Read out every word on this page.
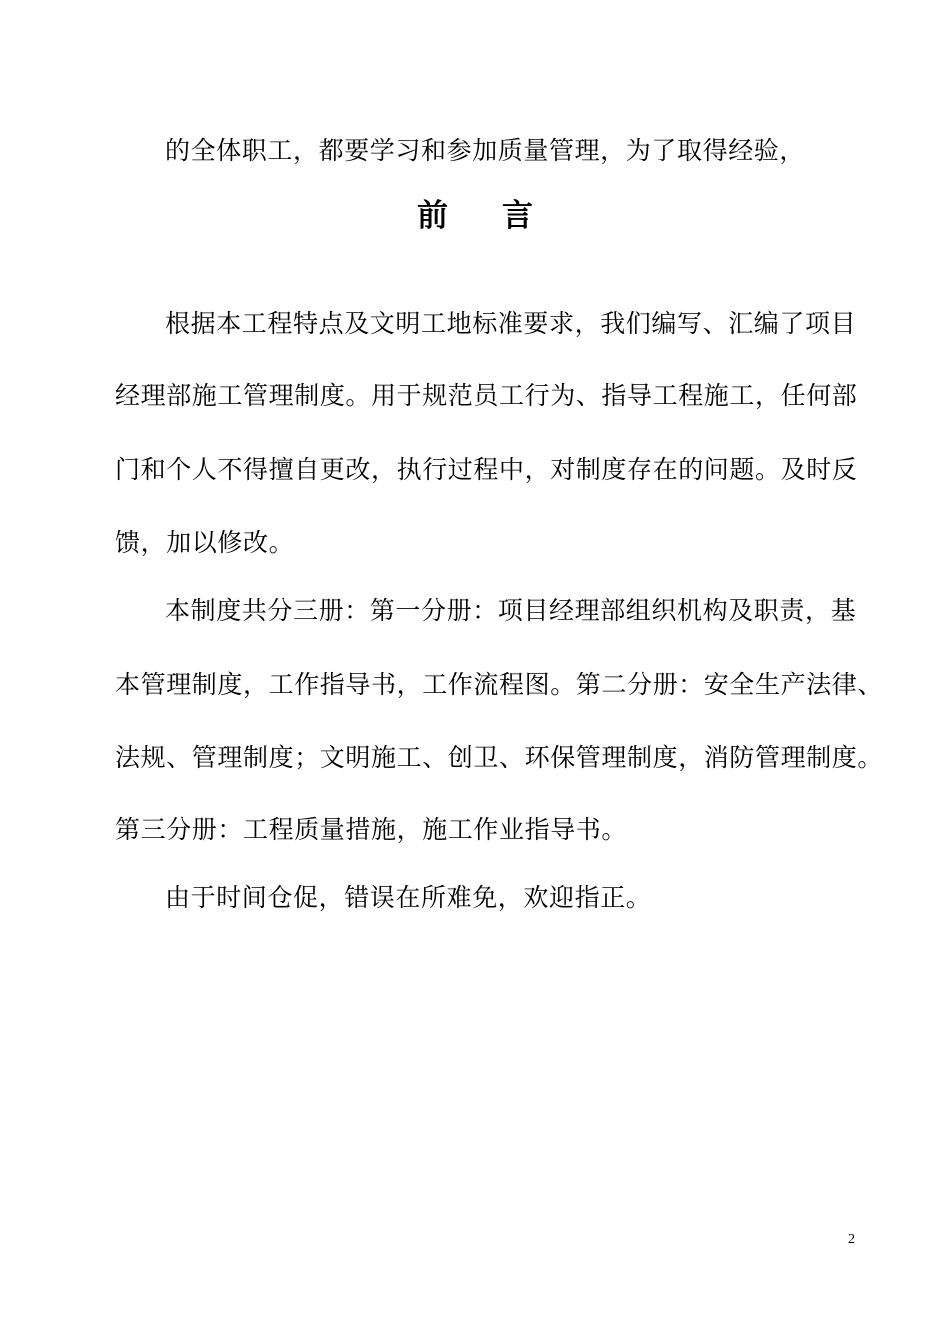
的全体职工，都要学习和参加质量管理，为了取得经验，
前言
根据本工程特点及文明工地标准要求，我们编写、汇编了项目
经理部施工管理制度。用于规范员工行为、指导工程施工，任何部
门和个人不得擅自更改，执行过程中，对制度存在的问题。及时反
馈，加以修改。
本制度共分三册：第一分册：项目经理部组织机构及职责，基
本管理制度，工作指导书，工作流程图。第二分册：安全生产法律、
法规、管理制度；文明施工、创卫、环保管理制度，消防管理制度。
第三分册：工程质量措施，施工作业指导书。
由于时间仓促，错误在所难免，欢迎指正。
2
